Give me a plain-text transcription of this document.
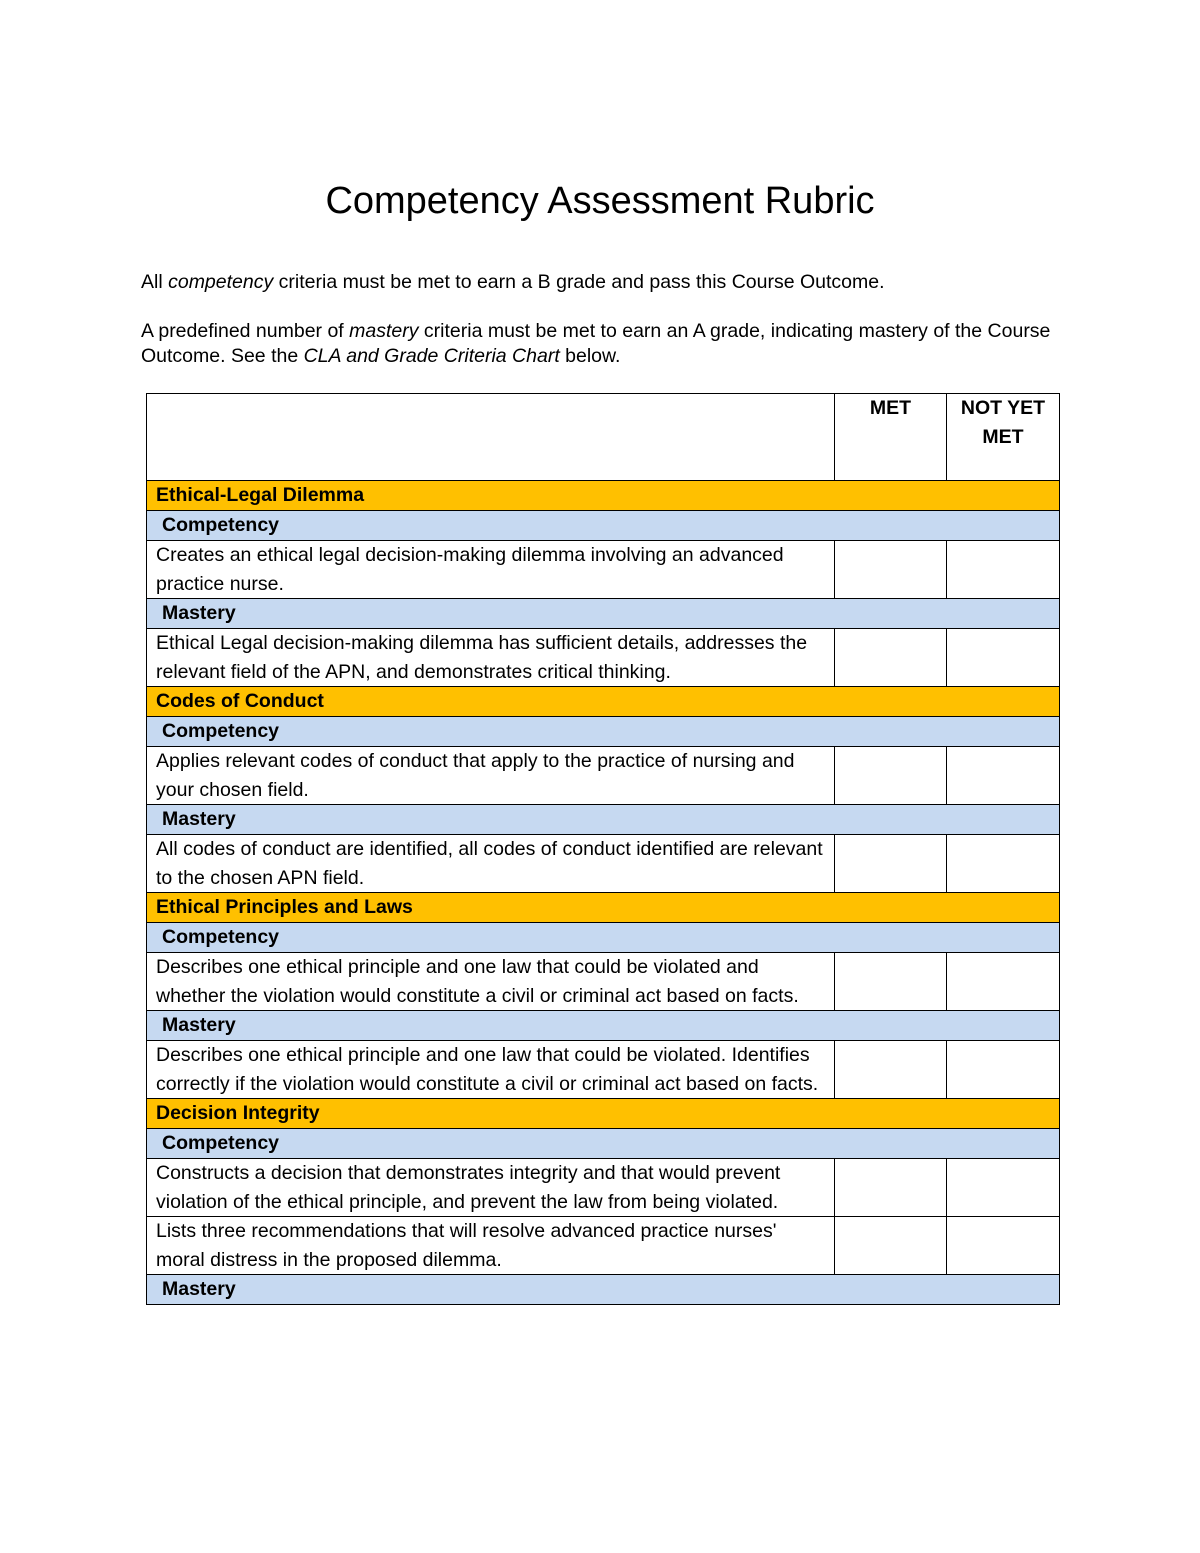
Competency Assessment Rubric

All competency criteria must be met to earn a B grade and pass this Course Outcome.

A predefined number of mastery criteria must be met to earn an A grade, indicating mastery of the Course Outcome. See the CLA and Grade Criteria Chart below.

	MET	NOT YET MET
Ethical-Legal Dilemma		
Competency		
Creates an ethical legal decision-making dilemma involving an advanced practice nurse.		
Mastery		
Ethical Legal decision-making dilemma has sufficient details, addresses the relevant field of the APN, and demonstrates critical thinking.		
Codes of Conduct		
Competency		
Applies relevant codes of conduct that apply to the practice of nursing and your chosen field.		
Mastery		
All codes of conduct are identified, all codes of conduct identified are relevant to the chosen APN field.		
Ethical Principles and Laws		
Competency		
Describes one ethical principle and one law that could be violated and whether the violation would constitute a civil or criminal act based on facts.		
Mastery		
Describes one ethical principle and one law that could be violated. Identifies correctly if the violation would constitute a civil or criminal act based on facts.		
Decision Integrity		
Competency		
Constructs a decision that demonstrates integrity and that would prevent violation of the ethical principle, and prevent the law from being violated.		
Lists three recommendations that will resolve advanced practice nurses' moral distress in the proposed dilemma.		
Mastery		
